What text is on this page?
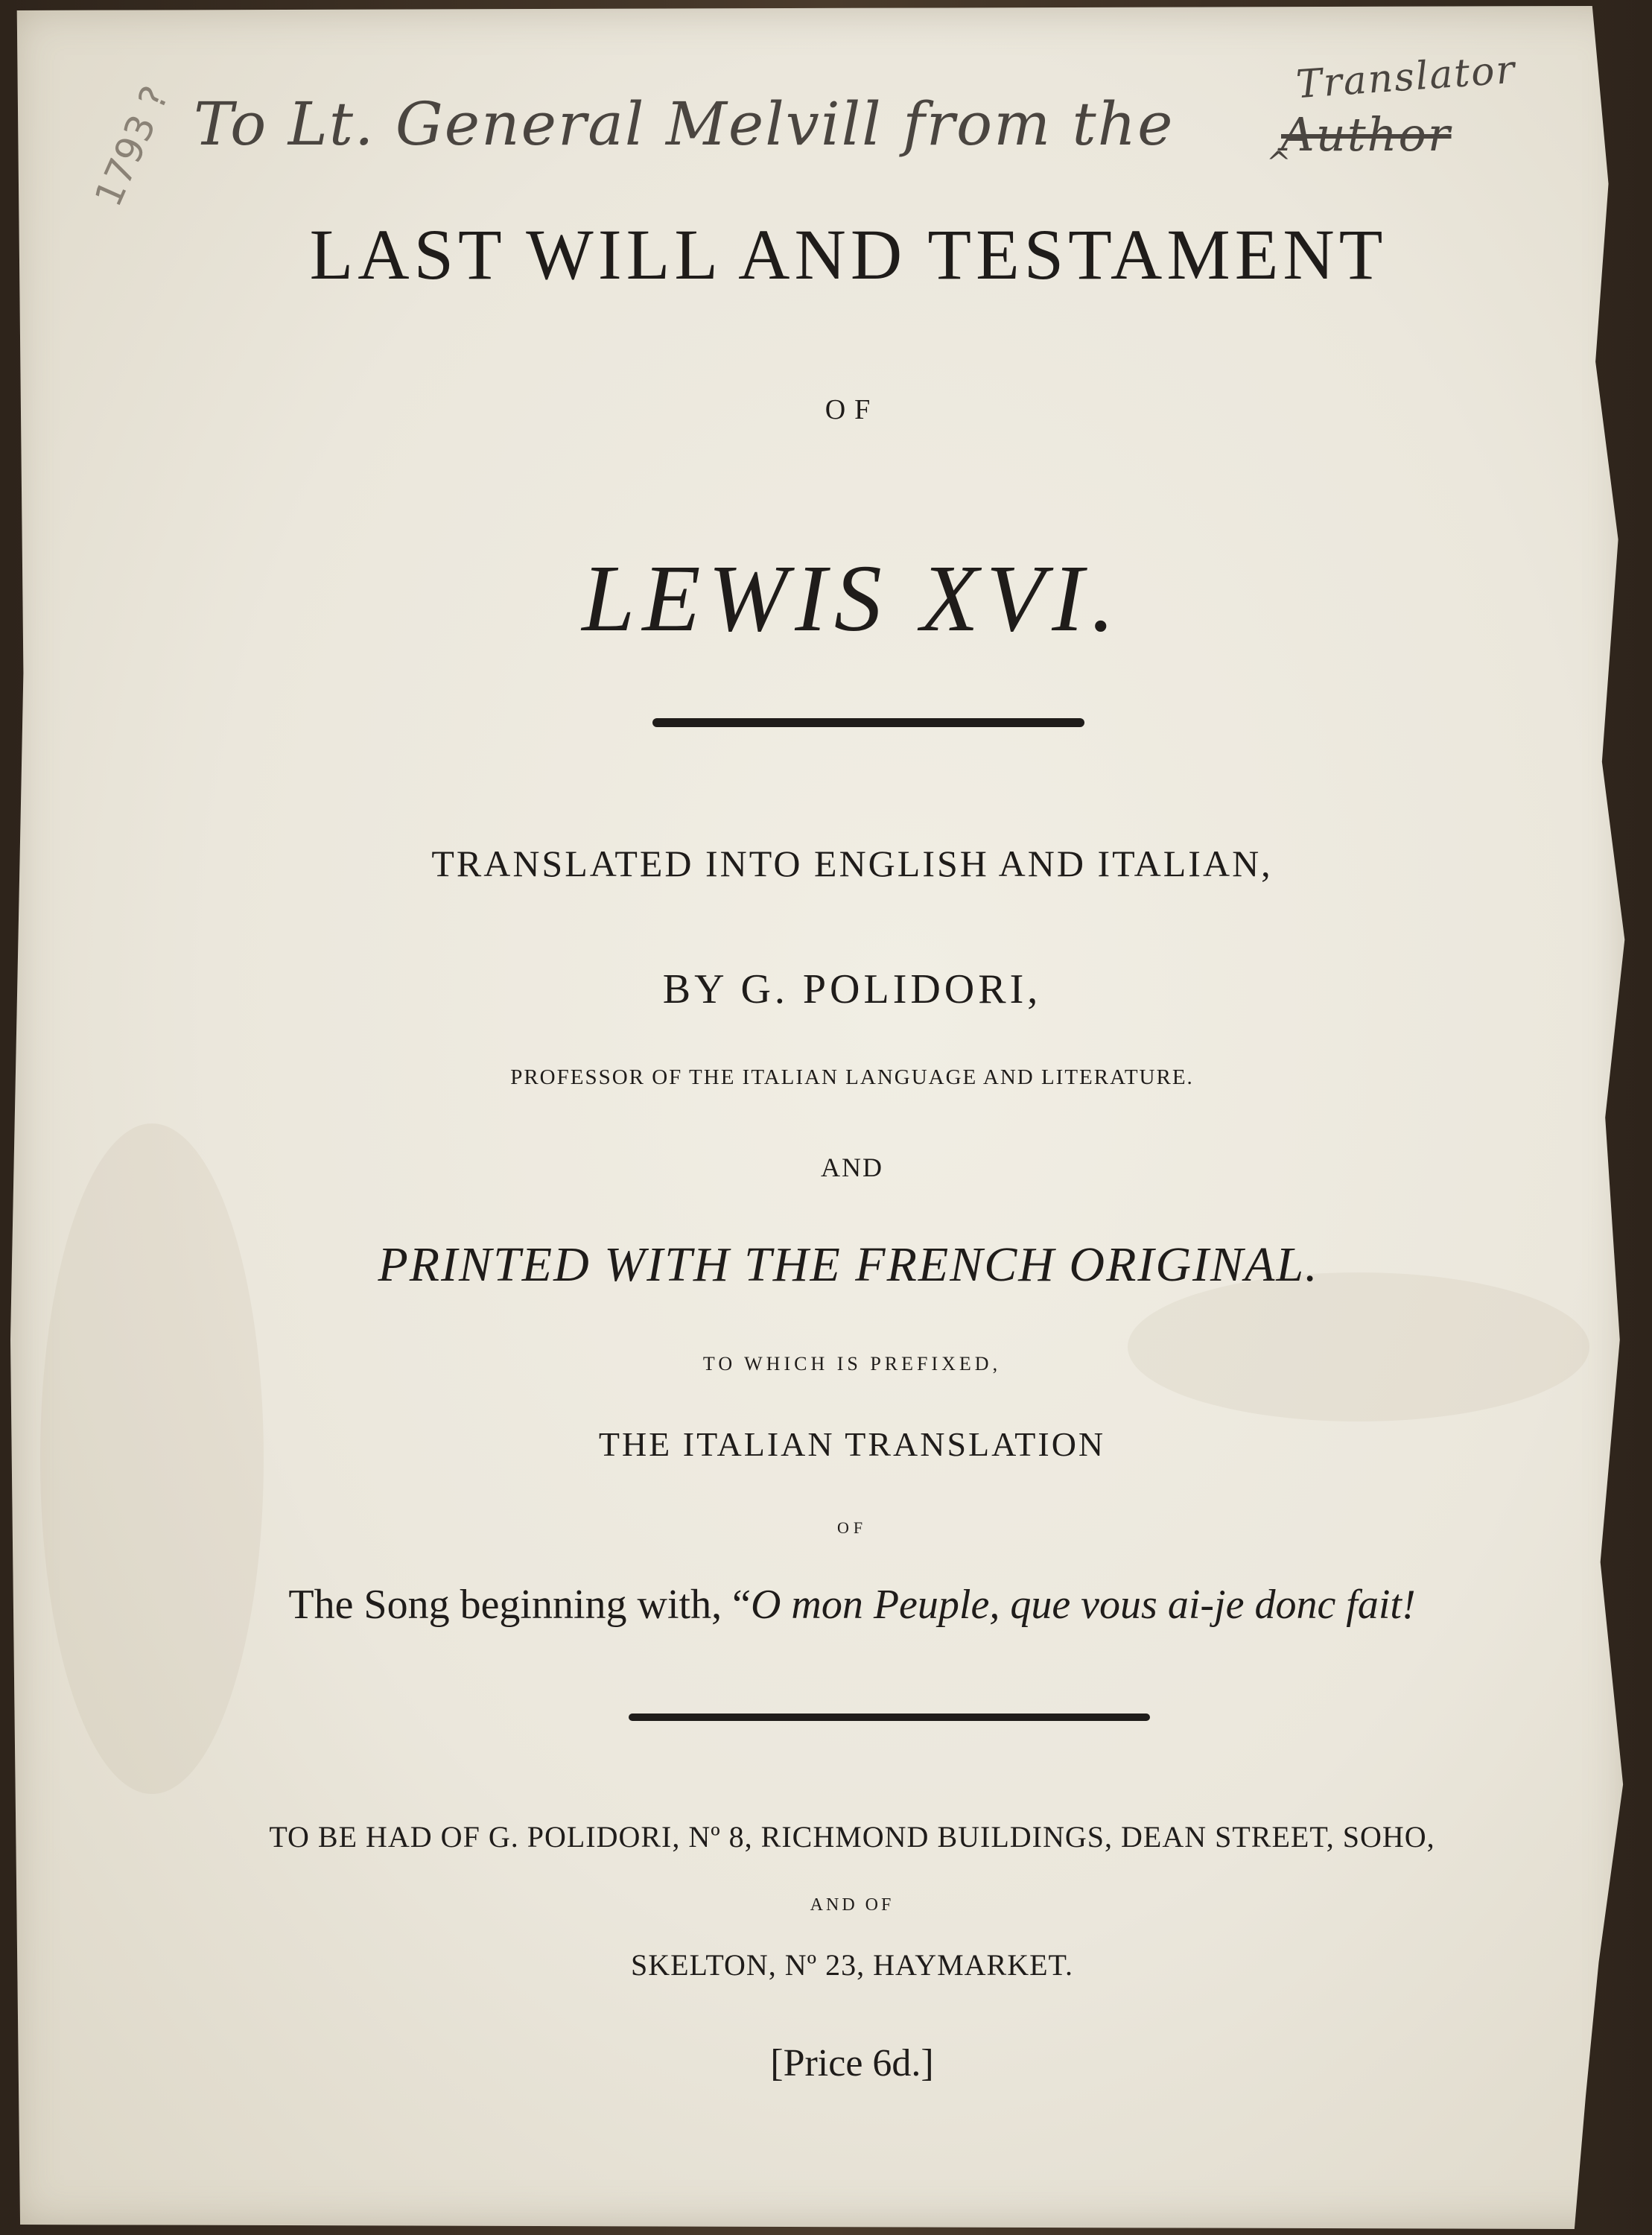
To Lt. General Melvill from the Author
Translator
^
1793 ?
LAST WILL AND TESTAMENT
OF
LEWIS XVI.
TRANSLATED INTO ENGLISH AND ITALIAN,
BY G. POLIDORI,
PROFESSOR OF THE ITALIAN LANGUAGE AND LITERATURE.
AND
PRINTED WITH THE FRENCH ORIGINAL.
TO WHICH IS PREFIXED,
THE ITALIAN TRANSLATION
OF
The Song beginning with, “O mon Peuple, que vous ai-je donc fait!
TO BE HAD OF G. POLIDORI, Nº 8, RICHMOND BUILDINGS, DEAN STREET, SOHO,
AND OF
SKELTON, Nº 23, HAYMARKET.
[Price 6d.]
